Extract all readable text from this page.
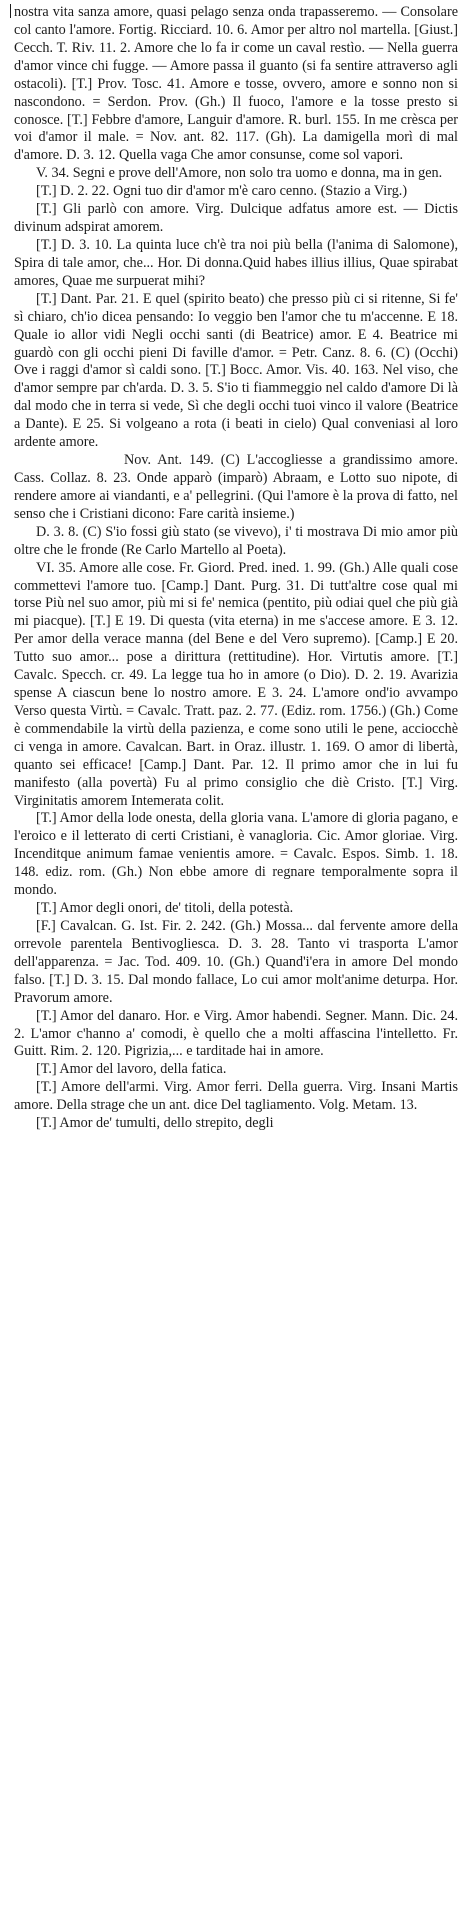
nostra vita sanza amore, quasi pelago senza onda trapasseremo. — Consolare col canto l'amore. Fortig. Ricciard. 10. 6. Amor per altro nol martella. [Giust.] Cecch. T. Riv. 11. 2. Amore che lo fa ir come un caval restìo. — Nella guerra d'amor vince chi fugge. — Amore passa il guanto (si fa sentire attraverso agli ostacoli). [T.] Prov. Tosc. 41. Amore e tosse, ovvero, amore e sonno non si nascondono. = Serdon. Prov. (Gh.) Il fuoco, l'amore e la tosse presto si conosce. [T.] Febbre d'amore, Languir d'amore. R. burl. 155. In me crèsca per voi d'amor il male. = Nov. ant. 82. 117. (Gh). La damigella morì di mal d'amore. D. 3. 12. Quella vaga Che amor consunse, come sol vapori.

V. 34. Segni e prove dell'Amore, non solo tra uomo e donna, ma in gen.

[T.] D. 2. 22. Ogni tuo dir d'amor m'è caro cenno. (Stazio a Virg.)

[T.] Gli parlò con amore. Virg. Dulcique adfatus amore est. — Dictis divinum adspirat amorem.

[T.] D. 3. 10. La quinta luce ch'è tra noi più bella (l'anima di Salomone), Spira di tale amor, che... Hor. Di donna.Quid habes illius illius, Quae spirabat amores, Quae me surpuerat mihi?

[T.] Dant. Par. 21. E quel (spirito beato) che presso più ci si ritenne, Si fe' sì chiaro, ch'io dicea pensando: Io veggio ben l'amor che tu m'accenne. E 18. Quale io allor vidi Negli occhi santi (di Beatrice) amor. E 4. Beatrice mi guardò con gli occhi pieni Di faville d'amor. = Petr. Canz. 8. 6. (C) (Occhi) Ove i raggi d'amor sì caldi sono. [T.] Bocc. Amor. Vis. 40. 163. Nel viso, che d'amor sempre par ch'arda. D. 3. 5. S'io ti fiammeggio nel caldo d'amore Di là dal modo che in terra si vede, Sì che degli occhi tuoi vinco il valore (Beatrice a Dante). E 25. Si volgeano a rota (i beati in cielo) Qual conveniasi al loro ardente amore.

Nov. Ant. 149. (C) L'accogliesse a grandissimo amore. Cass. Collaz. 8. 23. Onde apparò (imparò) Abraam, e Lotto suo nipote, di rendere amore ai viandanti, e a' pellegrini. (Qui l'amore è la prova di fatto, nel senso che i Cristiani dicono: Fare carità insieme.)

D. 3. 8. (C) S'io fossi giù stato (se vivevo), i' ti mostrava Di mio amor più oltre che le fronde (Re Carlo Martello al Poeta).

VI. 35. Amore alle cose. Fr. Giord. Pred. ined. 1. 99. (Gh.) Alle quali cose commettevi l'amore tuo. [Camp.] Dant. Purg. 31. Di tutt'altre cose qual mi torse Più nel suo amor, più mi si fe' nemica (pentito, più odiai quel che più già mi piacque). [T.] E 19. Di questa (vita eterna) in me s'accese amore. E 3. 12. Per amor della verace manna (del Bene e del Vero supremo). [Camp.] E 20. Tutto suo amor... pose a dirittura (rettitudine). Hor. Virtutis amore. [T.] Cavalc. Specch. cr. 49. La legge tua ho in amore (o Dio). D. 2. 19. Avarizia spense A ciascun bene lo nostro amore. E 3. 24. L'amore ond'io avvampo Verso questa Virtù. = Cavalc. Tratt. paz. 2. 77. (Ediz. rom. 1756.) (Gh.) Come è commendabile la virtù della pazienza, e come sono utili le pene, acciocchè ci venga in amore. Cavalcan. Bart. in Oraz. illustr. 1. 169. O amor di libertà, quanto sei efficace! [Camp.] Dant. Par. 12. Il primo amor che in lui fu manifesto (alla povertà) Fu al primo consiglio che diè Cristo. [T.] Virg. Virginitatis amorem Intemerata colit.

[T.] Amor della lode onesta, della gloria vana. L'amore di gloria pagano, e l'eroico e il letterato di certi Cristiani, è vanagloria. Cic. Amor gloriae. Virg. Incenditque animum famae venientis amore. = Cavalc. Espos. Simb. 1. 18. 148. ediz. rom. (Gh.) Non ebbe amore di regnare temporalmente sopra il mondo.

[T.] Amor degli onori, de' titoli, della potestà.

[F.] Cavalcan. G. Ist. Fir. 2. 242. (Gh.) Mossa... dal fervente amore della orrevole parentela Bentivogliesca. D. 3. 28. Tanto vi trasporta L'amor dell'apparenza. = Jac. Tod. 409. 10. (Gh.) Quand'i'era in amore Del mondo falso. [T.] D. 3. 15. Dal mondo fallace, Lo cui amor molt'anime deturpa. Hor. Pravorum amore.

[T.] Amor del danaro. Hor. e Virg. Amor habendi. Segner. Mann. Dic. 24. 2. L'amor c'hanno a' comodi, è quello che a molti affascina l'intelletto. Fr. Guitt. Rim. 2. 120. Pigrizia,... e tarditade hai in amore.

[T.] Amor del lavoro, della fatica.

[T.] Amore dell'armi. Virg. Amor ferri. Della guerra. Virg. Insani Martis amore. Della strage che un ant. dice Del tagliamento. Volg. Metam. 13.

[T.] Amor de' tumulti, dello strepito, degli
